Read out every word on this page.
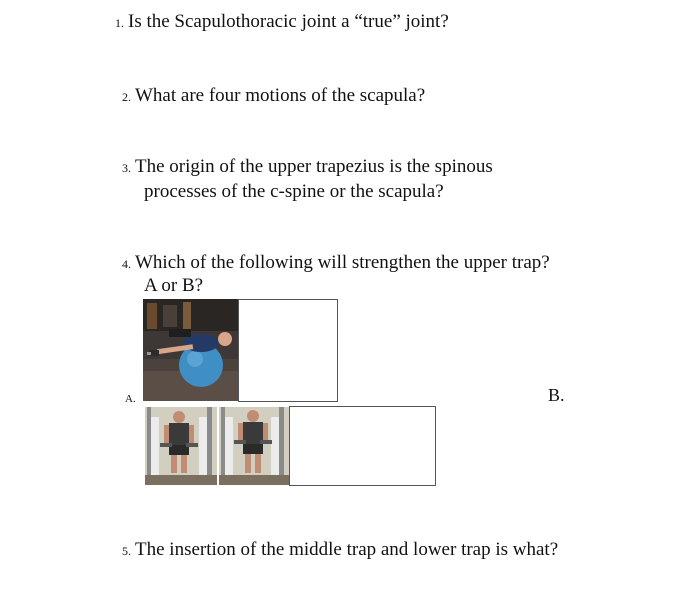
1. Is the Scapulothoracic joint a “true” joint?
2. What are four motions of the scapula?
3. The origin of the upper trapezius is the spinous
processes of the c-spine or the scapula?
4. Which of the following will strengthen the upper trap?
A or B?
A.	B.
5. The insertion of the middle trap and lower trap is what?
